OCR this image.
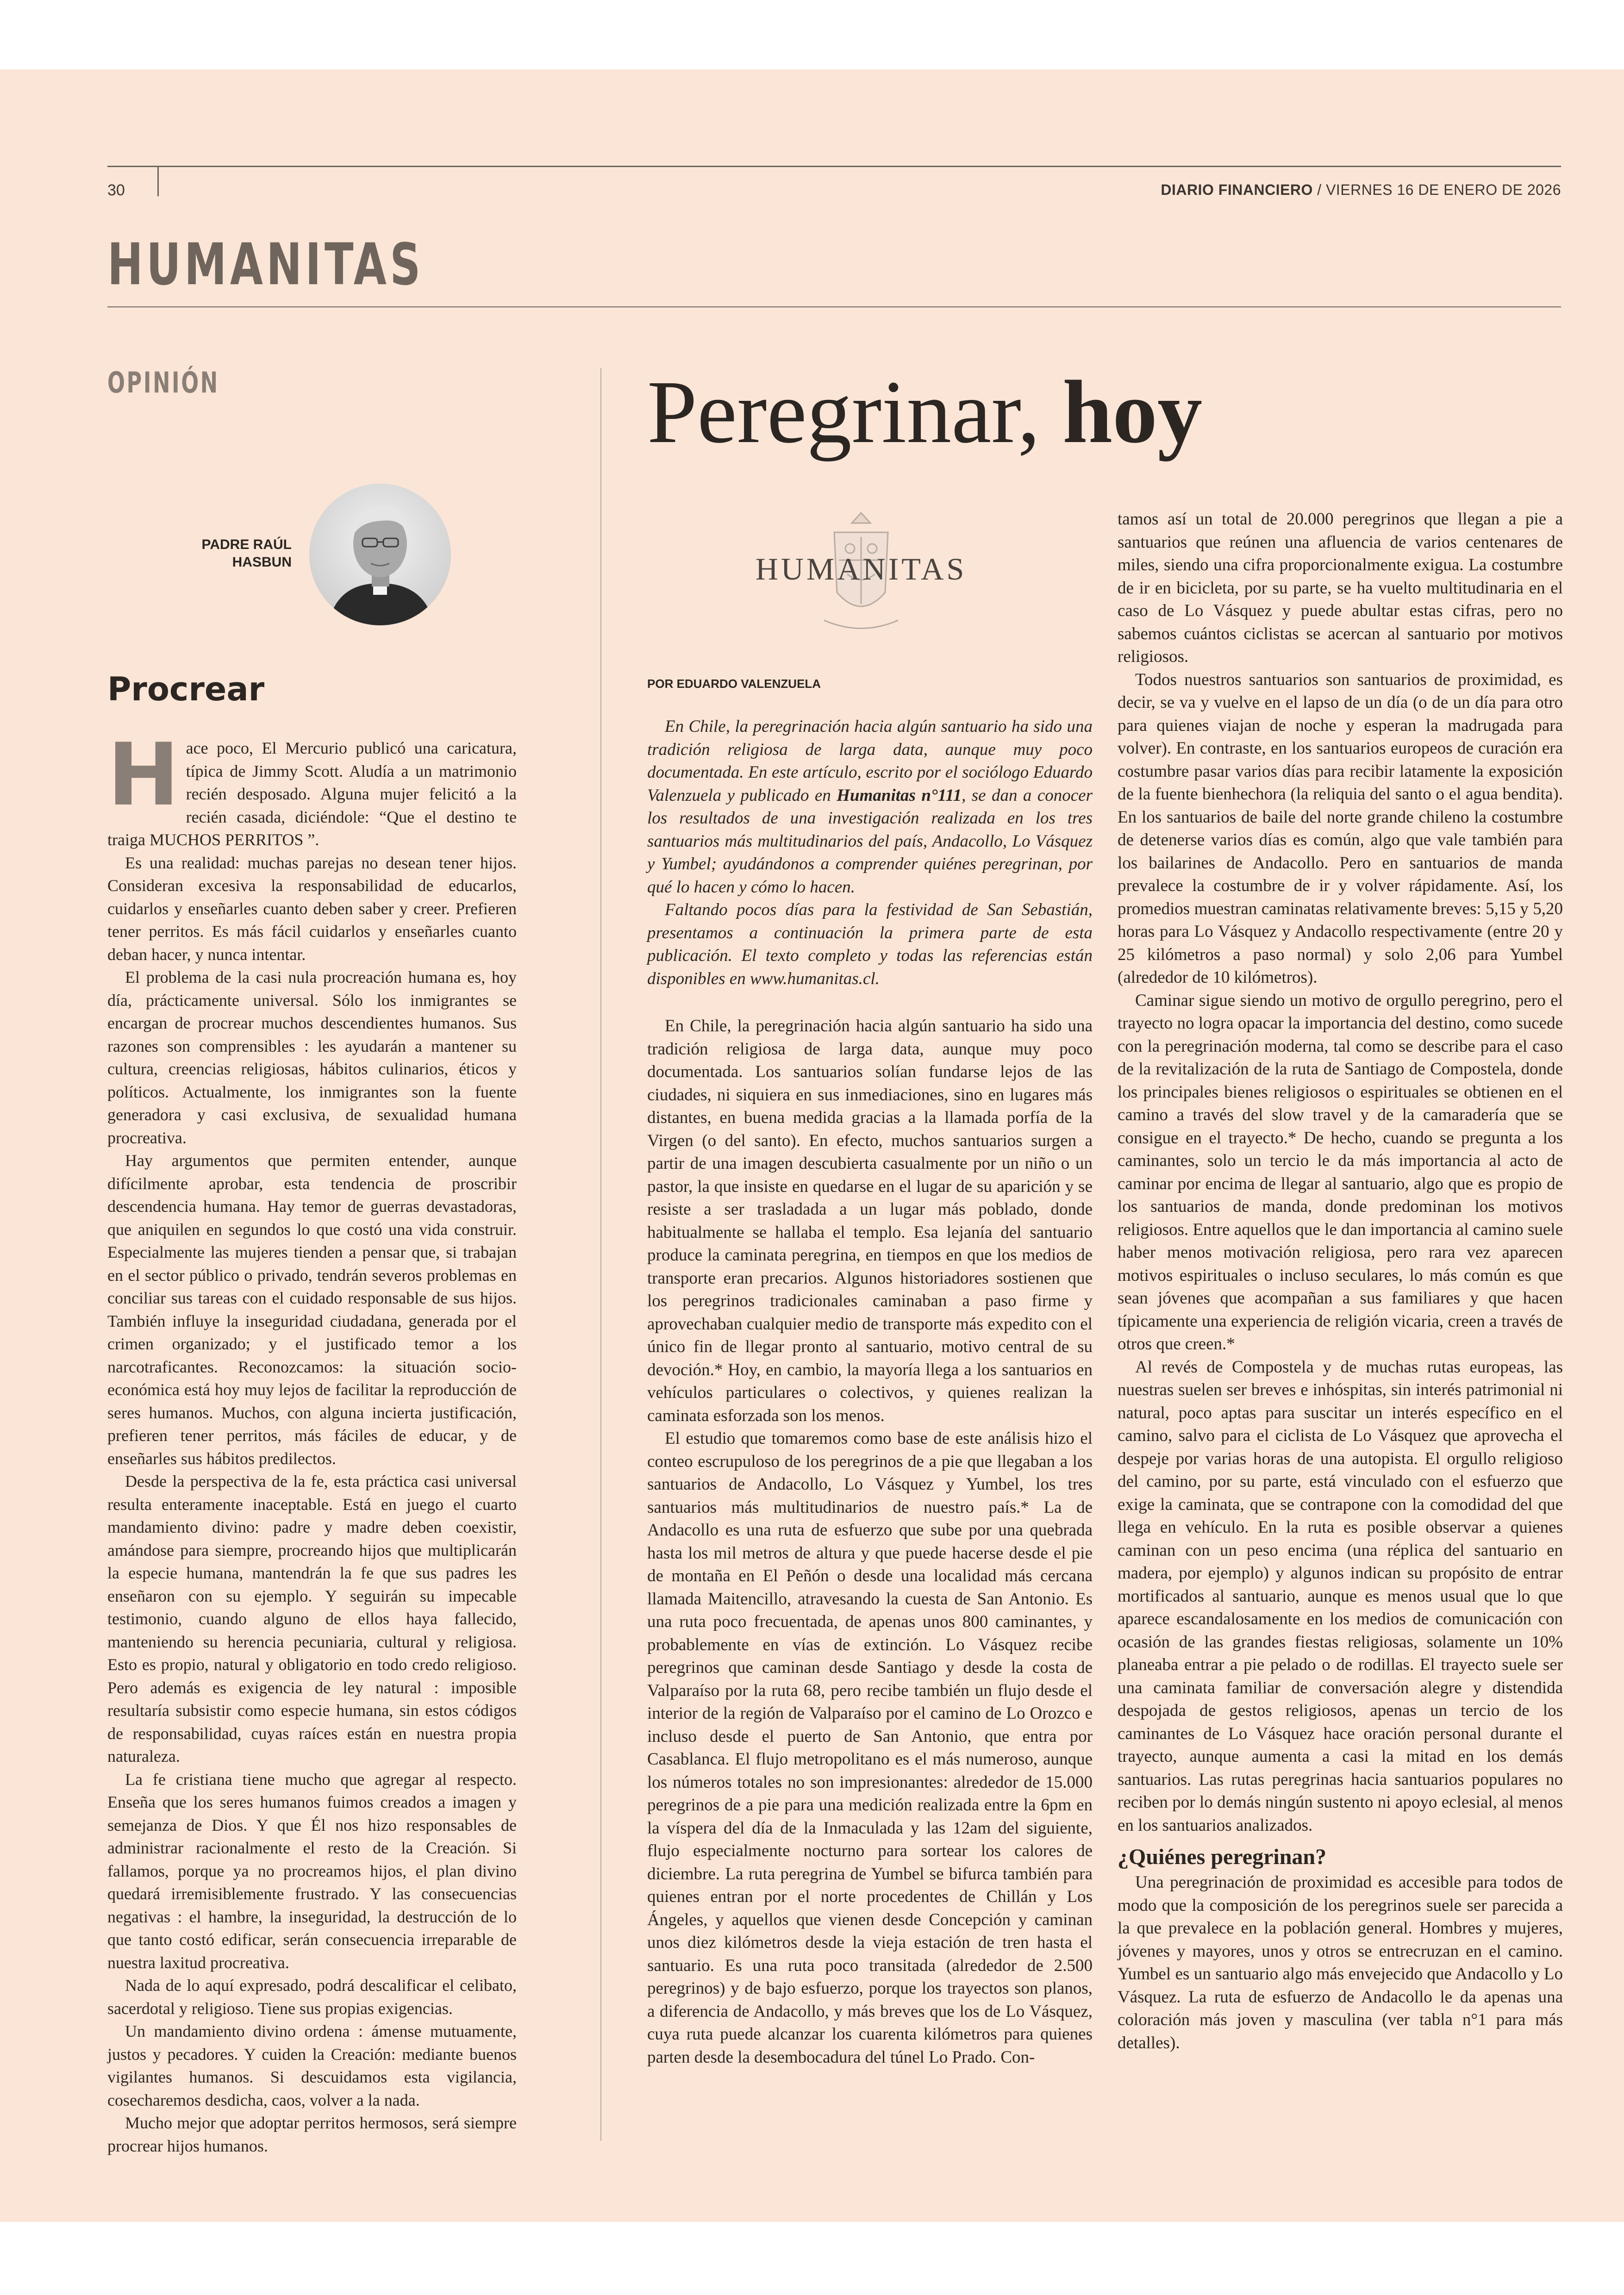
30	DIARIO FINANCIERO / VIERNES 16 DE ENERO DE 2026
HUMANITAS
OPINIÓN
PADRE RAÚL
HASBUN
Procrear

Hace poco, El Mercurio publicó una caricatura, típica de Jimmy Scott. Aludía a un matrimonio recién desposado. Alguna mujer felicitó a la recién casada, diciéndole: “Que el destino te traiga MUCHOS PERRITOS ”.

Es una realidad: muchas parejas no desean tener hijos. Consideran excesiva la responsabilidad de educarlos, cuidarlos y enseñarles cuanto deben saber y creer. Prefieren tener perritos. Es más fácil cuidarlos y enseñarles cuanto deban hacer, y nunca intentar.

El problema de la casi nula procreación humana es, hoy día, prácticamente universal. Sólo los inmigrantes se encargan de procrear muchos descendientes humanos. Sus razones son comprensibles : les ayudarán a mantener su cultura, creencias religiosas, hábitos culinarios, éticos y políticos. Actualmente, los inmigrantes son la fuente generadora y casi exclusiva, de sexualidad humana procreativa.

Hay argumentos que permiten entender, aunque difícilmente aprobar, esta tendencia de proscribir descendencia humana. Hay temor de guerras devastadoras, que aniquilen en segundos lo que costó una vida construir. Especialmente las mujeres tienden a pensar que, si trabajan en el sector público o privado, tendrán severos problemas en conciliar sus tareas con el cuidado responsable de sus hijos. También influye la inseguridad ciudadana, generada por el crimen organizado; y el justificado temor a los narcotraficantes. Reconozcamos: la situación socio-económica está hoy muy lejos de facilitar la reproducción de seres humanos. Muchos, con alguna incierta justificación, prefieren tener perritos, más fáciles de educar, y de enseñarles sus hábitos predilectos.

Desde la perspectiva de la fe, esta práctica casi universal resulta enteramente inaceptable. Está en juego el cuarto mandamiento divino: padre y madre deben coexistir, amándose para siempre, procreando hijos que multiplicarán la especie humana, mantendrán la fe que sus padres les enseñaron con su ejemplo. Y seguirán su impecable testimonio, cuando alguno de ellos haya fallecido, manteniendo su herencia pecuniaria, cultural y religiosa. Esto es propio, natural y obligatorio en todo credo religioso. Pero además es exigencia de ley natural : imposible resultaría subsistir como especie humana, sin estos códigos de responsabilidad, cuyas raíces están en nuestra propia naturaleza.

La fe cristiana tiene mucho que agregar al respecto. Enseña que los seres humanos fuimos creados a imagen y semejanza de Dios. Y que Él nos hizo responsables de administrar racionalmente el resto de la Creación. Si fallamos, porque ya no procreamos hijos, el plan divino quedará irremisiblemente frustrado. Y las consecuencias negativas : el hambre, la inseguridad, la destrucción de lo que tanto costó edificar, serán consecuencia irreparable de nuestra laxitud procreativa.

Nada de lo aquí expresado, podrá descalificar el celibato, sacerdotal y religioso. Tiene sus propias exigencias.

Un mandamiento divino ordena : ámense mutuamente, justos y pecadores. Y cuiden la Creación: mediante buenos vigilantes humanos. Si descuidamos esta vigilancia, cosecharemos desdicha, caos, volver a la nada.

Mucho mejor que adoptar perritos hermosos, será siempre procrear hijos humanos.

Peregrinar, hoy
HUMANITAS
POR EDUARDO VALENZUELA

En Chile, la peregrinación hacia algún santuario ha sido una tradición religiosa de larga data, aunque muy poco documentada. En este artículo, escrito por el sociólogo Eduardo Valenzuela y publicado en Humanitas n°111, se dan a conocer los resultados de una investigación realizada en los tres santuarios más multitudinarios del país, Andacollo, Lo Vásquez y Yumbel; ayudándonos a comprender quiénes peregrinan, por qué lo hacen y cómo lo hacen.

Faltando pocos días para la festividad de San Sebastián, presentamos a continuación la primera parte de esta publicación. El texto completo y todas las referencias están disponibles en www.humanitas.cl.

En Chile, la peregrinación hacia algún santuario ha sido una tradición religiosa de larga data, aunque muy poco documentada. Los santuarios solían fundarse lejos de las ciudades, ni siquiera en sus inmediaciones, sino en lugares más distantes, en buena medida gracias a la llamada porfía de la Virgen (o del santo). En efecto, muchos santuarios surgen a partir de una imagen descubierta casualmente por un niño o un pastor, la que insiste en quedarse en el lugar de su aparición y se resiste a ser trasladada a un lugar más poblado, donde habitualmente se hallaba el templo. Esa lejanía del santuario produce la caminata peregrina, en tiempos en que los medios de transporte eran precarios. Algunos historiadores sostienen que los peregrinos tradicionales caminaban a paso firme y aprovechaban cualquier medio de transporte más expedito con el único fin de llegar pronto al santuario, motivo central de su devoción.* Hoy, en cambio, la mayoría llega a los santuarios en vehículos particulares o colectivos, y quienes realizan la caminata esforzada son los menos.

El estudio que tomaremos como base de este análisis hizo el conteo escrupuloso de los peregrinos de a pie que llegaban a los santuarios de Andacollo, Lo Vásquez y Yumbel, los tres santuarios más multitudinarios de nuestro país.* La de Andacollo es una ruta de esfuerzo que sube por una quebrada hasta los mil metros de altura y que puede hacerse desde el pie de montaña en El Peñón o desde una localidad más cercana llamada Maitencillo, atravesando la cuesta de San Antonio. Es una ruta poco frecuentada, de apenas unos 800 caminantes, y probablemente en vías de extinción. Lo Vásquez recibe peregrinos que caminan desde Santiago y desde la costa de Valparaíso por la ruta 68, pero recibe también un flujo desde el interior de la región de Valparaíso por el camino de Lo Orozco e incluso desde el puerto de San Antonio, que entra por Casablanca. El flujo metropolitano es el más numeroso, aunque los números totales no son impresionantes: alrededor de 15.000 peregrinos de a pie para una medición realizada entre la 6pm en la víspera del día de la Inmaculada y las 12am del siguiente, flujo especialmente nocturno para sortear los calores de diciembre. La ruta peregrina de Yumbel se bifurca también para quienes entran por el norte procedentes de Chillán y Los Ángeles, y aquellos que vienen desde Concepción y caminan unos diez kilómetros desde la vieja estación de tren hasta el santuario. Es una ruta poco transitada (alrededor de 2.500 peregrinos) y de bajo esfuerzo, porque los trayectos son planos, a diferencia de Andacollo, y más breves que los de Lo Vásquez, cuya ruta puede alcanzar los cuarenta kilómetros para quienes parten desde la desembocadura del túnel Lo Prado. Con-

tamos así un total de 20.000 peregrinos que llegan a pie a santuarios que reúnen una afluencia de varios centenares de miles, siendo una cifra proporcionalmente exigua. La costumbre de ir en bicicleta, por su parte, se ha vuelto multitudinaria en el caso de Lo Vásquez y puede abultar estas cifras, pero no sabemos cuántos ciclistas se acercan al santuario por motivos religiosos.

Todos nuestros santuarios son santuarios de proximidad, es decir, se va y vuelve en el lapso de un día (o de un día para otro para quienes viajan de noche y esperan la madrugada para volver). En contraste, en los santuarios europeos de curación era costumbre pasar varios días para recibir latamente la exposición de la fuente bienhechora (la reliquia del santo o el agua bendita). En los santuarios de baile del norte grande chileno la costumbre de detenerse varios días es común, algo que vale también para los bailarines de Andacollo. Pero en santuarios de manda prevalece la costumbre de ir y volver rápidamente. Así, los promedios muestran caminatas relativamente breves: 5,15 y 5,20 horas para Lo Vásquez y Andacollo respectivamente (entre 20 y 25 kilómetros a paso normal) y solo 2,06 para Yumbel (alrededor de 10 kilómetros).

Caminar sigue siendo un motivo de orgullo peregrino, pero el trayecto no logra opacar la importancia del destino, como sucede con la peregrinación moderna, tal como se describe para el caso de la revitalización de la ruta de Santiago de Compostela, donde los principales bienes religiosos o espirituales se obtienen en el camino a través del slow travel y de la camaradería que se consigue en el trayecto.* De hecho, cuando se pregunta a los caminantes, solo un tercio le da más importancia al acto de caminar por encima de llegar al santuario, algo que es propio de los santuarios de manda, donde predominan los motivos religiosos. Entre aquellos que le dan importancia al camino suele haber menos motivación religiosa, pero rara vez aparecen motivos espirituales o incluso seculares, lo más común es que sean jóvenes que acompañan a sus familiares y que hacen típicamente una experiencia de religión vicaria, creen a través de otros que creen.*

Al revés de Compostela y de muchas rutas europeas, las nuestras suelen ser breves e inhóspitas, sin interés patrimonial ni natural, poco aptas para suscitar un interés específico en el camino, salvo para el ciclista de Lo Vásquez que aprovecha el despeje por varias horas de una autopista. El orgullo religioso del camino, por su parte, está vinculado con el esfuerzo que exige la caminata, que se contrapone con la comodidad del que llega en vehículo. En la ruta es posible observar a quienes caminan con un peso encima (una réplica del santuario en madera, por ejemplo) y algunos indican su propósito de entrar mortificados al santuario, aunque es menos usual que lo que aparece escandalosamente en los medios de comunicación con ocasión de las grandes fiestas religiosas, solamente un 10% planeaba entrar a pie pelado o de rodillas. El trayecto suele ser una caminata familiar de conversación alegre y distendida despojada de gestos religiosos, apenas un tercio de los caminantes de Lo Vásquez hace oración personal durante el trayecto, aunque aumenta a casi la mitad en los demás santuarios. Las rutas peregrinas hacia santuarios populares no reciben por lo demás ningún sustento ni apoyo eclesial, al menos en los santuarios analizados.

¿Quiénes peregrinan?

Una peregrinación de proximidad es accesible para todos de modo que la composición de los peregrinos suele ser parecida a la que prevalece en la población general. Hombres y mujeres, jóvenes y mayores, unos y otros se entrecruzan en el camino. Yumbel es un santuario algo más envejecido que Andacollo y Lo Vásquez. La ruta de esfuerzo de Andacollo le da apenas una coloración más joven y masculina (ver tabla n°1 para más detalles).
